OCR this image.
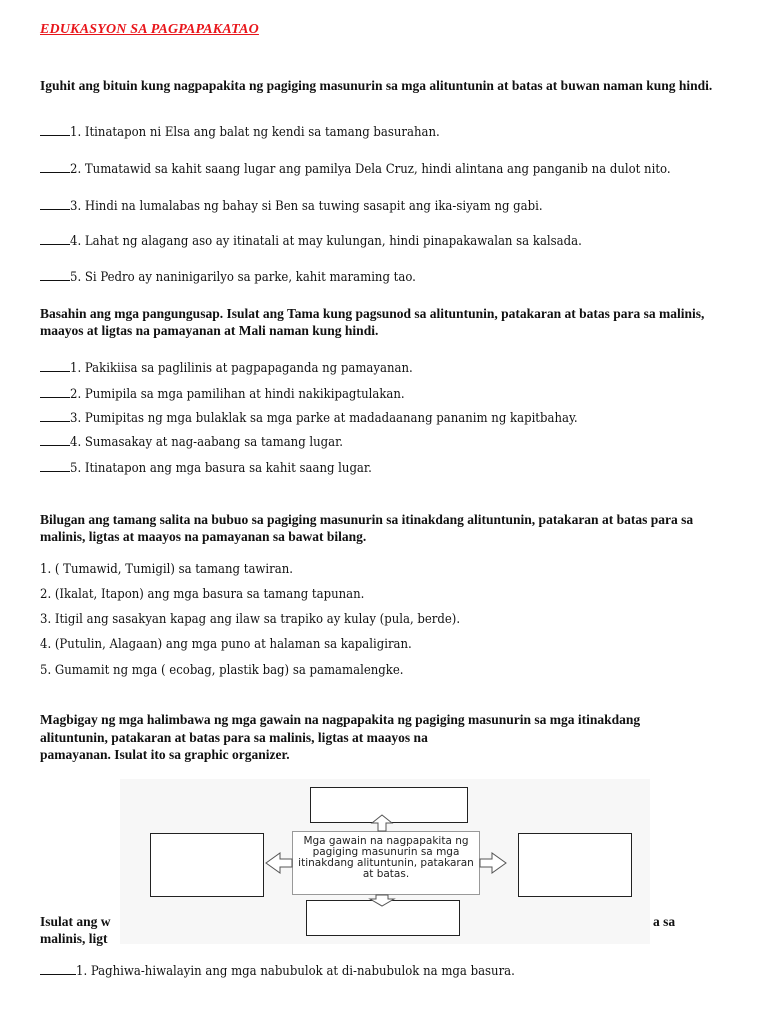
EDUKASYON SA PAGPAPAKATAO
Iguhit ang bituin kung nagpapakita ng pagiging masunurin sa mga alituntunin at batas at buwan naman kung hindi.
1. Itinatapon ni Elsa ang balat ng kendi sa tamang basurahan.
2. Tumatawid sa kahit saang lugar ang pamilya Dela Cruz, hindi alintana ang panganib na dulot nito.
3. Hindi na lumalabas ng bahay si Ben sa tuwing sasapit ang ika-siyam ng gabi.
4. Lahat ng alagang aso ay itinatali at may kulungan, hindi pinapakawalan sa kalsada.
5. Si Pedro ay naninigarilyo sa parke, kahit maraming tao.
Basahin ang mga pangungusap. Isulat ang Tama kung pagsunod sa alituntunin, patakaran at batas para sa malinis, maayos at ligtas na pamayanan at Mali naman kung hindi.
1. Pakikiisa sa paglilinis at pagpapaganda ng pamayanan.
2. Pumipila sa mga pamilihan at hindi nakikipagtulakan.
3. Pumipitas ng mga bulaklak sa mga parke at madadaanang pananim ng kapitbahay.
4. Sumasakay at nag-aabang sa tamang lugar.
5. Itinatapon ang mga basura sa kahit saang lugar.
Bilugan ang tamang salita na bubuo sa pagiging masunurin sa itinakdang alituntunin, patakaran at batas para sa malinis, ligtas at maayos na pamayanan sa bawat bilang.
1. ( Tumawid, Tumigil) sa tamang tawiran.
2. (Ikalat, Itapon) ang mga basura sa tamang tapunan.
3. Itigil ang sasakyan kapag ang ilaw sa trapiko ay kulay (pula, berde).
4. (Putulin, Alagaan) ang mga puno at halaman sa kapaligiran.
5. Gumamit ng mga ( ecobag, plastik bag) sa pamamalengke.
Magbigay ng mga halimbawa ng mga gawain na nagpapakita ng pagiging masunurin sa mga itinakdang
alituntunin, patakaran at batas para sa malinis, ligtas at maayos na
pamayanan. Isulat ito sa graphic organizer.
Isulat ang w	a sa
malinis, ligt
Mga gawain na nagpapakita ng pagiging masunurin sa mga itinakdang alituntunin, patakaran at batas.
1. Paghiwa-hiwalayin ang mga nabubulok at di-nabubulok na mga basura.
